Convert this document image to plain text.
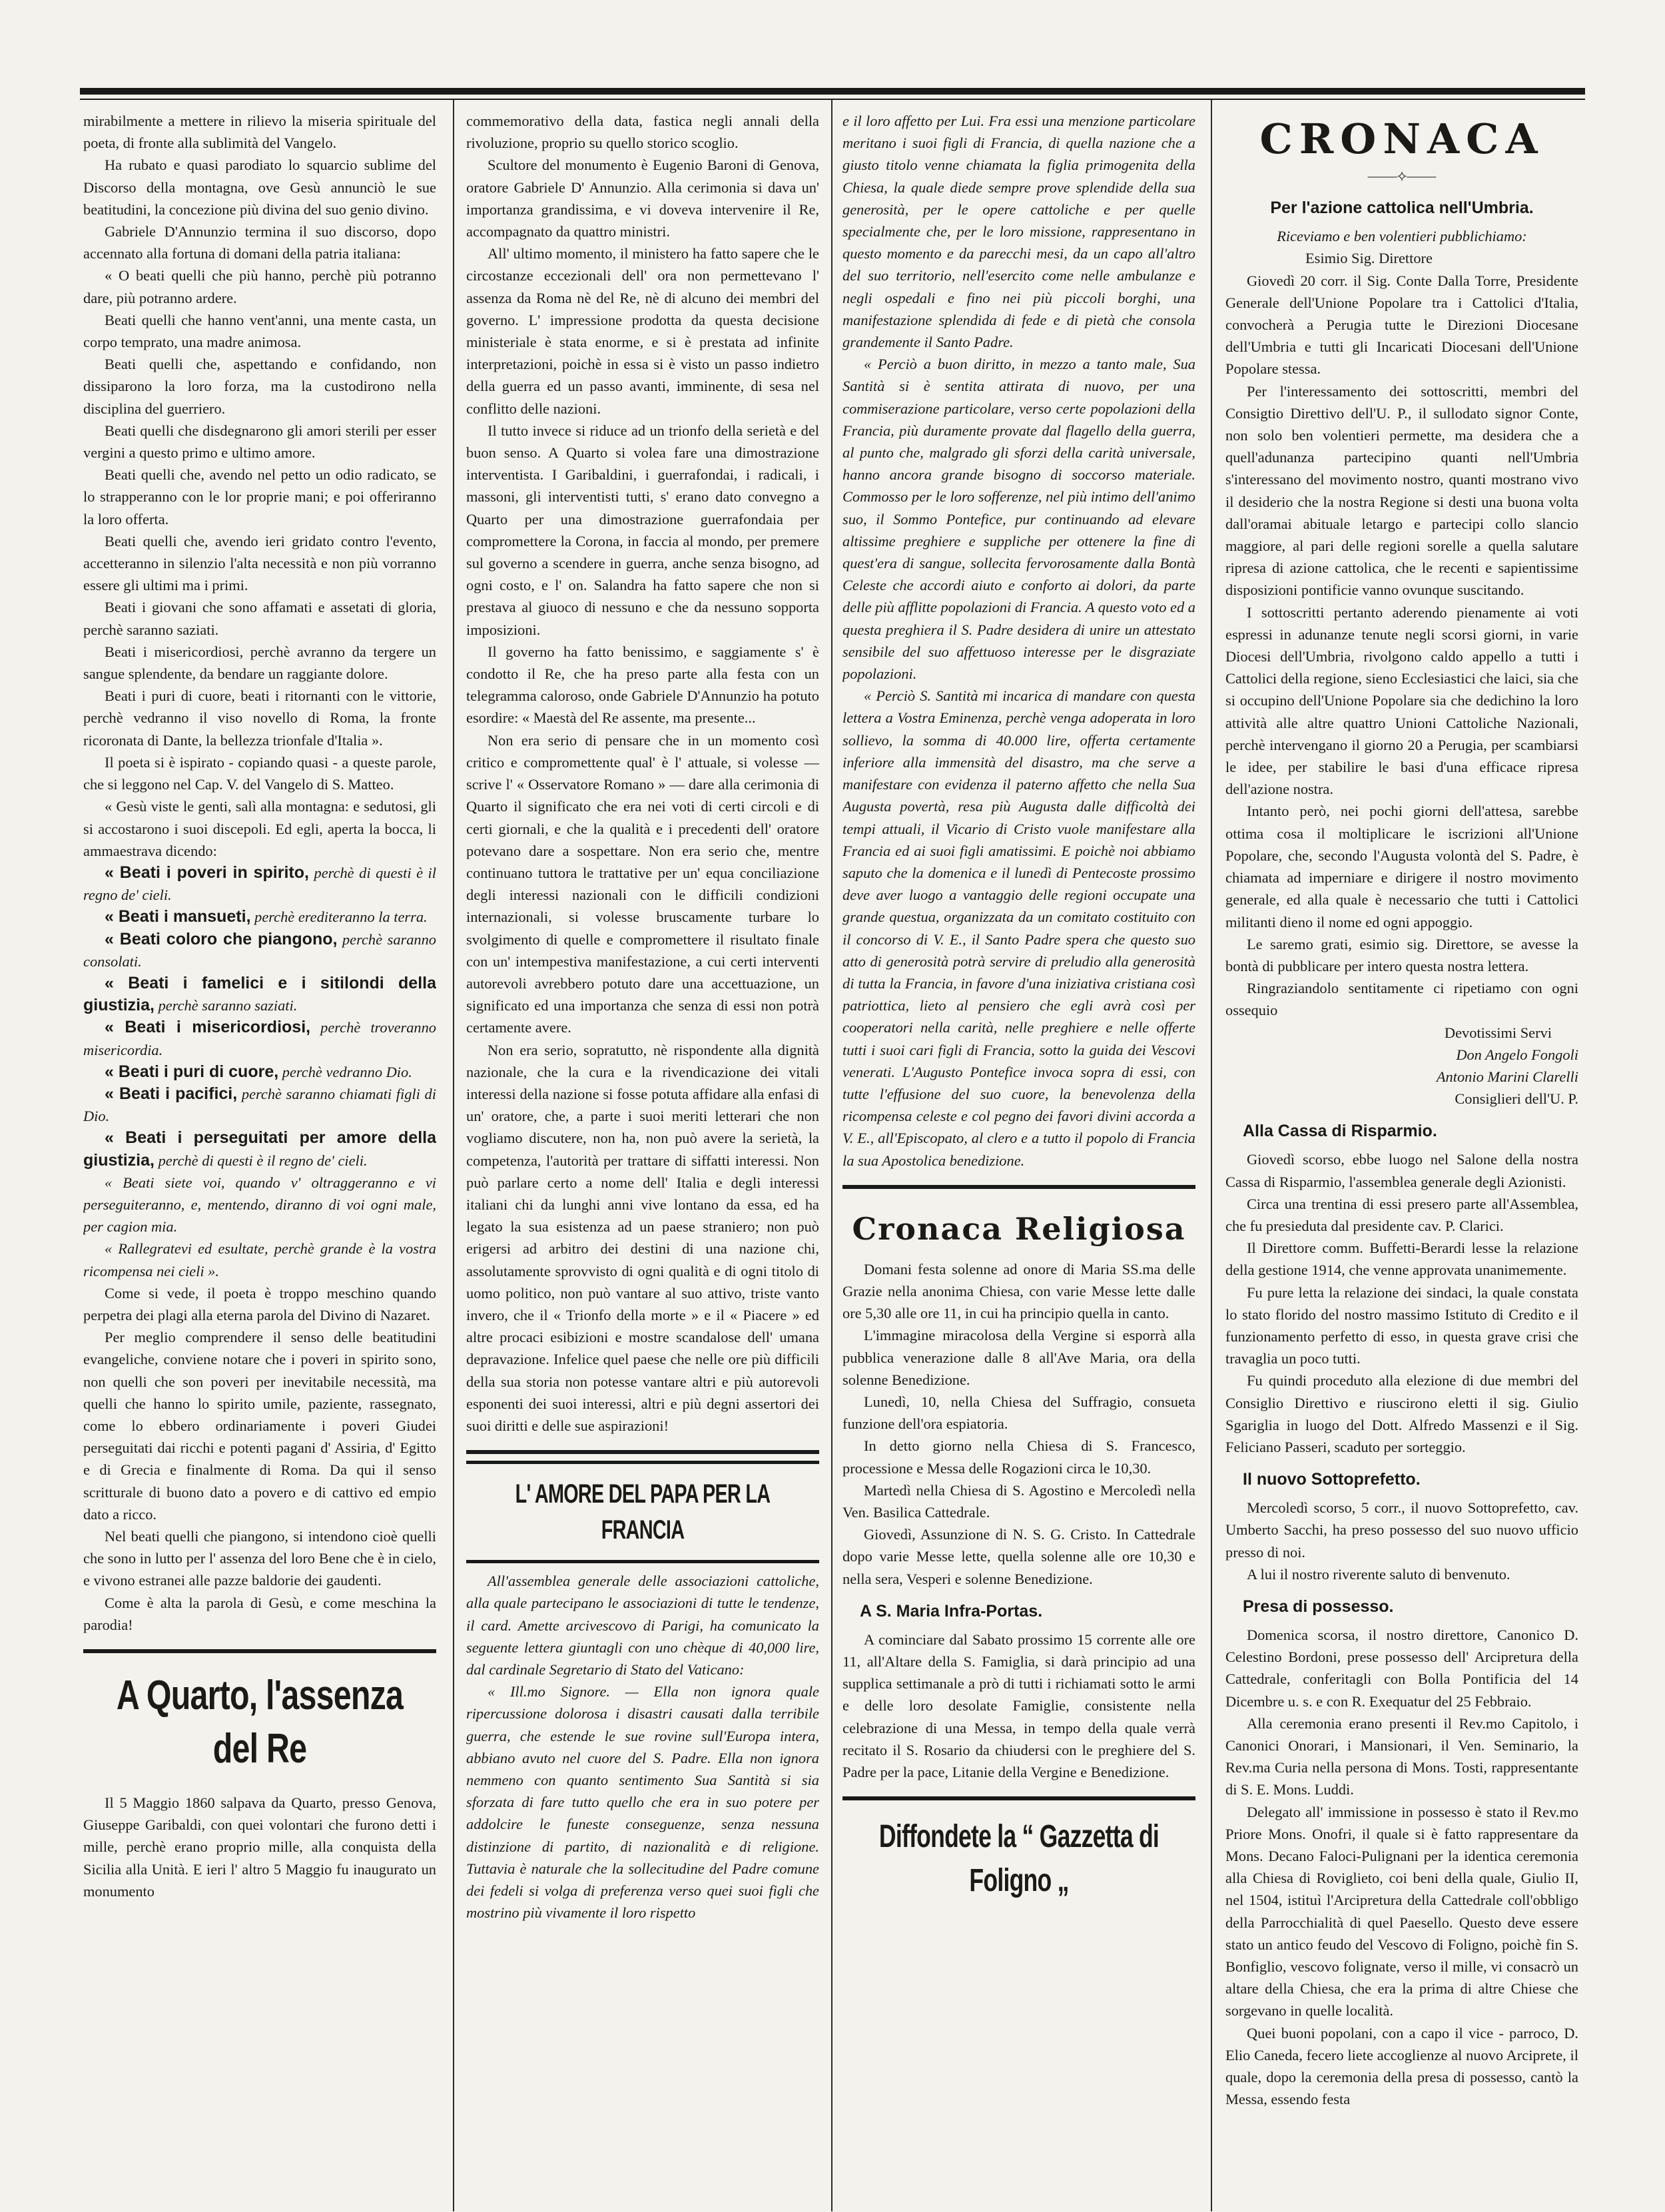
mirabilmente a mettere in rilievo la miseria spirituale del poeta, di fronte alla sublimità del Vangelo.

Ha rubato e quasi parodiato lo squarcio sublime del Discorso della montagna, ove Gesù annunciò le sue beatitudini, la concezione più divina del suo genio divino.

Gabriele D'Annunzio termina il suo discorso, dopo accennato alla fortuna di domani della patria italiana:

« O beati quelli che più hanno, perchè più potranno dare, più potranno ardere.

Beati quelli che hanno vent'anni, una mente casta, un corpo temprato, una madre animosa.

Beati quelli che, aspettando e confidando, non dissiparono la loro forza, ma la custodirono nella disciplina del guerriero.

Beati quelli che disdegnarono gli amori sterili per esser vergini a questo primo e ultimo amore.

Beati quelli che, avendo nel petto un odio radicato, se lo strapperanno con le lor proprie mani; e poi offeriranno la loro offerta.

Beati quelli che, avendo ieri gridato contro l'evento, accetteranno in silenzio l'alta necessità e non più vorranno essere gli ultimi ma i primi.

Beati i giovani che sono affamati e assetati di gloria, perchè saranno saziati.

Beati i misericordiosi, perchè avranno da tergere un sangue splendente, da bendare un raggiante dolore.

Beati i puri di cuore, beati i ritornanti con le vittorie, perchè vedranno il viso novello di Roma, la fronte ricoronata di Dante, la bellezza trionfale d'Italia ».

Il poeta si è ispirato - copiando quasi - a queste parole, che si leggono nel Cap. V. del Vangelo di S. Matteo.

« Gesù viste le genti, salì alla montagna: e sedutosi, gli si accostarono i suoi discepoli. Ed egli, aperta la bocca, li ammaestrava dicendo:

« Beati i poveri in spirito, perchè di questi è il regno de' cieli.

« Beati i mansueti, perchè erediteranno la terra.

« Beati coloro che piangono, perchè saranno consolati.

« Beati i famelici e i sitilondi della giustizia, perchè saranno saziati.

« Beati i misericordiosi, perchè troveranno misericordia.

« Beati i puri di cuore, perchè vedranno Dio.

« Beati i pacifici, perchè saranno chiamati figli di Dio.

« Beati i perseguitati per amore della giustizia, perchè di questi è il regno de' cieli.

« Beati siete voi, quando v' oltraggeranno e vi perseguiteranno, e, mentendo, diranno di voi ogni male, per cagion mia.

« Rallegratevi ed esultate, perchè grande è la vostra ricompensa nei cieli ».

Come si vede, il poeta è troppo meschino quando perpetra dei plagi alla eterna parola del Divino di Nazaret.

Per meglio comprendere il senso delle beatitudini evangeliche, conviene notare che i poveri in spirito sono, non quelli che son poveri per inevitabile necessità, ma quelli che hanno lo spirito umile, paziente, rassegnato, come lo ebbero ordinariamente i poveri Giudei perseguitati dai ricchi e potenti pagani d' Assiria, d' Egitto e di Grecia e finalmente di Roma. Da qui il senso scritturale di buono dato a povero e di cattivo ed empio dato a ricco.

Nel beati quelli che piangono, si intendono cioè quelli che sono in lutto per l' assenza del loro Bene che è in cielo, e vivono estranei alle pazze baldorie dei gaudenti.

Come è alta la parola di Gesù, e come meschina la parodia!

A Quarto, l'assenza del Re

Il 5 Maggio 1860 salpava da Quarto, presso Genova, Giuseppe Garibaldi, con quei volontari che furono detti i mille, perchè erano proprio mille, alla conquista della Sicilia alla Unità. E ieri l' altro 5 Maggio fu inaugurato un monumento

commemorativo della data, fastica negli annali della rivoluzione, proprio su quello storico scoglio.

Scultore del monumento è Eugenio Baroni di Genova, oratore Gabriele D' Annunzio. Alla cerimonia si dava un' importanza grandissima, e vi doveva intervenire il Re, accompagnato da quattro ministri.

All' ultimo momento, il ministero ha fatto sapere che le circostanze eccezionali dell' ora non permettevano l' assenza da Roma nè del Re, nè di alcuno dei membri del governo. L' impressione prodotta da questa decisione ministeriale è stata enorme, e si è prestata ad infinite interpretazioni, poichè in essa si è visto un passo indietro della guerra ed un passo avanti, imminente, di sesa nel conflitto delle nazioni.

Il tutto invece si riduce ad un trionfo della serietà e del buon senso. A Quarto si volea fare una dimostrazione interventista. I Garibaldini, i guerrafondai, i radicali, i massoni, gli interventisti tutti, s' erano dato convegno a Quarto per una dimostrazione guerrafondaia per compromettere la Corona, in faccia al mondo, per premere sul governo a scendere in guerra, anche senza bisogno, ad ogni costo, e l' on. Salandra ha fatto sapere che non si prestava al giuoco di nessuno e che da nessuno sopporta imposizioni.

Il governo ha fatto benissimo, e saggiamente s' è condotto il Re, che ha preso parte alla festa con un telegramma caloroso, onde Gabriele D'Annunzio ha potuto esordire: « Maestà del Re assente, ma presente...

Non era serio di pensare che in un momento così critico e compromettente qual' è l' attuale, si volesse — scrive l' « Osservatore Romano » — dare alla cerimonia di Quarto il significato che era nei voti di certi circoli e di certi giornali, e che la qualità e i precedenti dell' oratore potevano dare a sospettare. Non era serio che, mentre continuano tuttora le trattative per un' equa conciliazione degli interessi nazionali con le difficili condizioni internazionali, si volesse bruscamente turbare lo svolgimento di quelle e compromettere il risultato finale con un' intempestiva manifestazione, a cui certi interventi autorevoli avrebbero potuto dare una accettuazione, un significato ed una importanza che senza di essi non potrà certamente avere.

Non era serio, sopratutto, nè rispondente alla dignità nazionale, che la cura e la rivendicazione dei vitali interessi della nazione si fosse potuta affidare alla enfasi di un' oratore, che, a parte i suoi meriti letterari che non vogliamo discutere, non ha, non può avere la serietà, la competenza, l'autorità per trattare di siffatti interessi. Non può parlare certo a nome dell' Italia e degli interessi italiani chi da lunghi anni vive lontano da essa, ed ha legato la sua esistenza ad un paese straniero; non può erigersi ad arbitro dei destini di una nazione chi, assolutamente sprovvisto di ogni qualità e di ogni titolo di uomo politico, non può vantare al suo attivo, triste vanto invero, che il « Trionfo della morte » e il « Piacere » ed altre procaci esibizioni e mostre scandalose dell' umana depravazione. Infelice quel paese che nelle ore più difficili della sua storia non potesse vantare altri e più autorevoli esponenti dei suoi interessi, altri e più degni assertori dei suoi diritti e delle sue aspirazioni!

L' AMORE DEL PAPA PER LA FRANCIA

All'assemblea generale delle associazioni cattoliche, alla quale partecipano le associazioni di tutte le tendenze, il card. Amette arcivescovo di Parigi, ha comunicato la seguente lettera giuntagli con uno chèque di 40,000 lire, dal cardinale Segretario di Stato del Vaticano:

« Ill.mo Signore. — Ella non ignora quale ripercussione dolorosa i disastri causati dalla terribile guerra, che estende le sue rovine sull'Europa intera, abbiano avuto nel cuore del S. Padre. Ella non ignora nemmeno con quanto sentimento Sua Santità si sia sforzata di fare tutto quello che era in suo potere per addolcire le funeste conseguenze, senza nessuna distinzione di partito, di nazionalità e di religione. Tuttavia è naturale che la sollecitudine del Padre comune dei fedeli si volga di preferenza verso quei suoi figli che mostrino più vivamente il loro rispetto

e il loro affetto per Lui. Fra essi una menzione particolare meritano i suoi figli di Francia, di quella nazione che a giusto titolo venne chiamata la figlia primogenita della Chiesa, la quale diede sempre prove splendide della sua generosità, per le opere cattoliche e per quelle specialmente che, per le loro missione, rappresentano in questo momento e da parecchi mesi, da un capo all'altro del suo territorio, nell'esercito come nelle ambulanze e negli ospedali e fino nei più piccoli borghi, una manifestazione splendida di fede e di pietà che consola grandemente il Santo Padre.

« Perciò a buon diritto, in mezzo a tanto male, Sua Santità si è sentita attirata di nuovo, per una commiserazione particolare, verso certe popolazioni della Francia, più duramente provate dal flagello della guerra, al punto che, malgrado gli sforzi della carità universale, hanno ancora grande bisogno di soccorso materiale. Commosso per le loro sofferenze, nel più intimo dell'animo suo, il Sommo Pontefice, pur continuando ad elevare altissime preghiere e suppliche per ottenere la fine di quest'era di sangue, sollecita fervorosamente dalla Bontà Celeste che accordi aiuto e conforto ai dolori, da parte delle più afflitte popolazioni di Francia. A questo voto ed a questa preghiera il S. Padre desidera di unire un attestato sensibile del suo affettuoso interesse per le disgraziate popolazioni.

« Perciò S. Santità mi incarica di mandare con questa lettera a Vostra Eminenza, perchè venga adoperata in loro sollievo, la somma di 40.000 lire, offerta certamente inferiore alla immensità del disastro, ma che serve a manifestare con evidenza il paterno affetto che nella Sua Augusta povertà, resa più Augusta dalle difficoltà dei tempi attuali, il Vicario di Cristo vuole manifestare alla Francia ed ai suoi figli amatissimi. E poichè noi abbiamo saputo che la domenica e il lunedì di Pentecoste prossimo deve aver luogo a vantaggio delle regioni occupate una grande questua, organizzata da un comitato costituito con il concorso di V. E., il Santo Padre spera che questo suo atto di generosità potrà servire di preludio alla generosità di tutta la Francia, in favore d'una iniziativa cristiana così patriottica, lieto al pensiero che egli avrà così per cooperatori nella carità, nelle preghiere e nelle offerte tutti i suoi cari figli di Francia, sotto la guida dei Vescovi venerati. L'Augusto Pontefice invoca sopra di essi, con tutte l'effusione del suo cuore, la benevolenza della ricompensa celeste e col pegno dei favori divini accorda a V. E., all'Episcopato, al clero e a tutto il popolo di Francia la sua Apostolica benedizione.

Cronaca Religiosa

Domani festa solenne ad onore di Maria SS.ma delle Grazie nella anonima Chiesa, con varie Messe lette dalle ore 5,30 alle ore 11, in cui ha principio quella in canto.

L'immagine miracolosa della Vergine si esporrà alla pubblica venerazione dalle 8 all'Ave Maria, ora della solenne Benedizione.

Lunedì, 10, nella Chiesa del Suffragio, consueta funzione dell'ora espiatoria.

In detto giorno nella Chiesa di S. Francesco, processione e Messa delle Rogazioni circa le 10,30.

Martedì nella Chiesa di S. Agostino e Mercoledì nella Ven. Basilica Cattedrale.

Giovedì, Assunzione di N. S. G. Cristo. In Cattedrale dopo varie Messe lette, quella solenne alle ore 10,30 e nella sera, Vesperi e solenne Benedizione.

A S. Maria Infra-Portas.

A cominciare dal Sabato prossimo 15 corrente alle ore 11, all'Altare della S. Famiglia, si darà principio ad una supplica settimanale a prò di tutti i richiamati sotto le armi e delle loro desolate Famiglie, consistente nella celebrazione di una Messa, in tempo della quale verrà recitato il S. Rosario da chiudersi con le preghiere del S. Padre per la pace, Litanie della Vergine e Benedizione.

Diffondete la “ Gazzetta di Foligno „
CRONACA
——⟡——
Per l'azione cattolica nell'Umbria.

Riceviamo e ben volentieri pubblichiamo:

Esimio Sig. Direttore

Giovedì 20 corr. il Sig. Conte Dalla Torre, Presidente Generale dell'Unione Popolare tra i Cattolici d'Italia, convocherà a Perugia tutte le Direzioni Diocesane dell'Umbria e tutti gli Incaricati Diocesani dell'Unione Popolare stessa.

Per l'interessamento dei sottoscritti, membri del Consigtio Direttivo dell'U. P., il sullodato signor Conte, non solo ben volentieri permette, ma desidera che a quell'adunanza partecipino quanti nell'Umbria s'interessano del movimento nostro, quanti mostrano vivo il desiderio che la nostra Regione si desti una buona volta dall'oramai abituale letargo e partecipi collo slancio maggiore, al pari delle regioni sorelle a quella salutare ripresa di azione cattolica, che le recenti e sapientissime disposizioni pontificie vanno ovunque suscitando.

I sottoscritti pertanto aderendo pienamente ai voti espressi in adunanze tenute negli scorsi giorni, in varie Diocesi dell'Umbria, rivolgono caldo appello a tutti i Cattolici della regione, sieno Ecclesiastici che laici, sia che si occupino dell'Unione Popolare sia che dedichino la loro attività alle altre quattro Unioni Cattoliche Nazionali, perchè intervengano il giorno 20 a Perugia, per scambiarsi le idee, per stabilire le basi d'una efficace ripresa dell'azione nostra.

Intanto però, nei pochi giorni dell'attesa, sarebbe ottima cosa il moltiplicare le iscrizioni all'Unione Popolare, che, secondo l'Augusta volontà del S. Padre, è chiamata ad imperniare e dirigere il nostro movimento generale, ed alla quale è necessario che tutti i Cattolici militanti dieno il nome ed ogni appoggio.

Le saremo grati, esimio sig. Direttore, se avesse la bontà di pubblicare per intero questa nostra lettera.

Ringraziandolo sentitamente ci ripetiamo con ogni ossequio

Devotissimi Servi

Don Angelo Fongoli

Antonio Marini Clarelli

Consiglieri dell'U. P.

Alla Cassa di Risparmio.

Giovedì scorso, ebbe luogo nel Salone della nostra Cassa di Risparmio, l'assemblea generale degli Azionisti.

Circa una trentina di essi presero parte all'Assemblea, che fu presieduta dal presidente cav. P. Clarici.

Il Direttore comm. Buffetti-Berardi lesse la relazione della gestione 1914, che venne approvata unanimemente.

Fu pure letta la relazione dei sindaci, la quale constata lo stato florido del nostro massimo Istituto di Credito e il funzionamento perfetto di esso, in questa grave crisi che travaglia un poco tutti.

Fu quindi proceduto alla elezione di due membri del Consiglio Direttivo e riuscirono eletti il sig. Giulio Sgariglia in luogo del Dott. Alfredo Massenzi e il Sig. Feliciano Passeri, scaduto per sorteggio.

Il nuovo Sottoprefetto.

Mercoledì scorso, 5 corr., il nuovo Sottoprefetto, cav. Umberto Sacchi, ha preso possesso del suo nuovo ufficio presso di noi.

A lui il nostro riverente saluto di benvenuto.

Presa di possesso.

Domenica scorsa, il nostro direttore, Canonico D. Celestino Bordoni, prese possesso dell' Arcipretura della Cattedrale, conferitagli con Bolla Pontificia del 14 Dicembre u. s. e con R. Exequatur del 25 Febbraio.

Alla ceremonia erano presenti il Rev.mo Capitolo, i Canonici Onorari, i Mansionari, il Ven. Seminario, la Rev.ma Curia nella persona di Mons. Tosti, rappresentante di S. E. Mons. Luddi.

Delegato all' immissione in possesso è stato il Rev.mo Priore Mons. Onofri, il quale si è fatto rappresentare da Mons. Decano Faloci-Pulignani per la identica ceremonia alla Chiesa di Roviglieto, coi beni della quale, Giulio II, nel 1504, istituì l'Arcipretura della Cattedrale coll'obbligo della Parrocchialità di quel Paesello. Questo deve essere stato un antico feudo del Vescovo di Foligno, poichè fin S. Bonfiglio, vescovo folignate, verso il mille, vi consacrò un altare della Chiesa, che era la prima di altre Chiese che sorgevano in quelle località.

Quei buoni popolani, con a capo il vice - parroco, D. Elio Caneda, fecero liete accoglienze al nuovo Arciprete, il quale, dopo la ceremonia della presa di possesso, cantò la Messa, essendo festa
